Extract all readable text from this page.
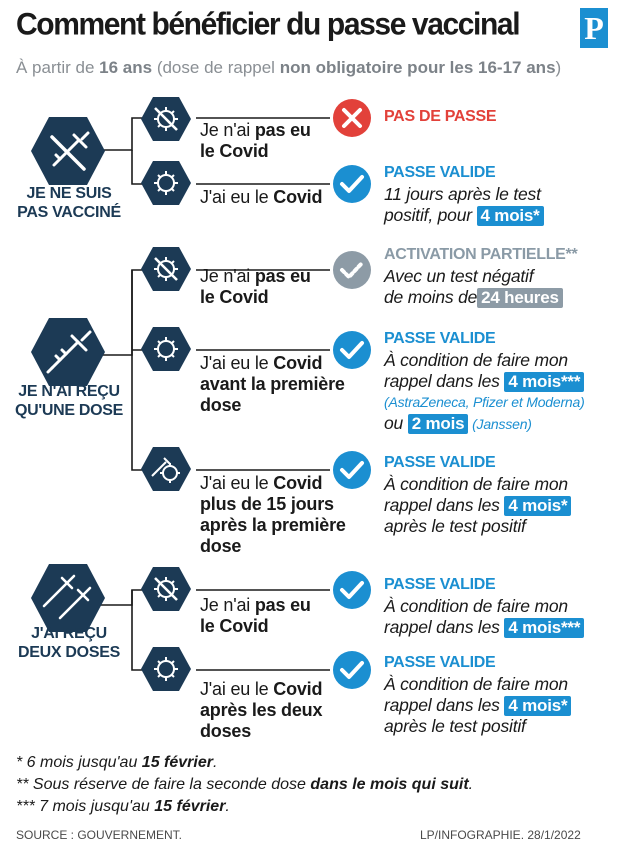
Comment bénéficier du passe vaccinal	P
À partir de 16 ans (dose de rappel non obligatoire pour les 16-17 ans)
JE NE SUIS
PAS VACCINÉ
JE N'AI REÇU
QU'UNE DOSE
J'AI REÇU
DEUX DOSES
Je n'ai pas eu
le Covid
J'ai eu le Covid
Je n'ai pas eu
le Covid
J'ai eu le Covid
avant la première
dose
J'ai eu le Covid
plus de 15 jours
après la première
dose
Je n'ai pas eu
le Covid
J'ai eu le Covid
après les deux
doses
PAS DE PASSE
PASSE VALIDE
11 jours après le test
positif, pour 4 mois*
ACTIVATION PARTIELLE**
Avec un test négatif
de moins de 24 heures
PASSE VALIDE
À condition de faire mon
rappel dans les 4 mois***
(AstraZeneca, Pfizer et Moderna)
ou 2 mois (Janssen)
PASSE VALIDE
À condition de faire mon
rappel dans les 4 mois*
après le test positif
PASSE VALIDE
À condition de faire mon
rappel dans les 4 mois***
PASSE VALIDE
À condition de faire mon
rappel dans les 4 mois*
après le test positif
* 6 mois jusqu'au 15 février.
** Sous réserve de faire la seconde dose dans le mois qui suit.
*** 7 mois jusqu'au 15 février.
SOURCE : GOUVERNEMENT.	LP/INFOGRAPHIE. 28/1/2022
